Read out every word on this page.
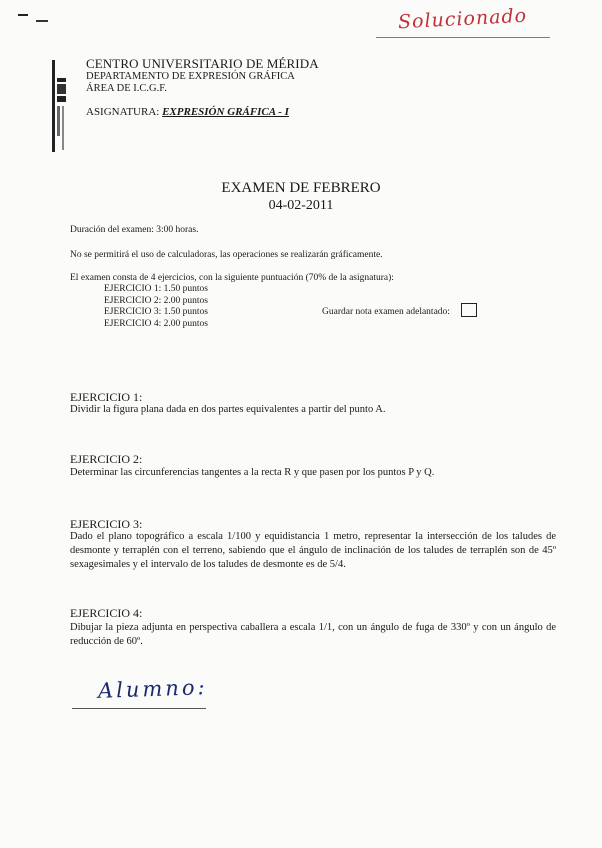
Solucionado
CENTRO UNIVERSITARIO DE MÉRIDA
DEPARTAMENTO DE EXPRESIÓN GRÁFICA
ÁREA DE I.C.G.F.
ASIGNATURA: EXPRESIÓN GRÁFICA - I
EXAMEN DE FEBRERO
04-02-2011
Duración del examen: 3:00 horas.
No se permitirá el uso de calculadoras, las operaciones se realizarán gráficamente.
El examen consta de 4 ejercicios, con la siguiente puntuación (70% de la asignatura):
EJERCICIO 1: 1.50 puntos
EJERCICIO 2: 2.00 puntos
EJERCICIO 3: 1.50 puntos
EJERCICIO 4: 2.00 puntos
Guardar nota examen adelantado:
EJERCICIO 1:
Dividir la figura plana dada en dos partes equivalentes a partir del punto A.
EJERCICIO 2:
Determinar las circunferencias tangentes a la recta R y que pasen por los puntos P y Q.
EJERCICIO 3:
Dado el plano topográfico a escala 1/100 y equidistancia 1 metro, representar la intersección de los taludes de desmonte y terraplén con el terreno, sabiendo que el ángulo de inclinación de los taludes de terraplén son de 45º sexagesimales y el intervalo de los taludes de desmonte es de 5/4.
EJERCICIO 4:
Dibujar la pieza adjunta en perspectiva caballera a escala 1/1, con un ángulo de fuga de 330º y con un ángulo de reducción de 60º.
Alumno:
